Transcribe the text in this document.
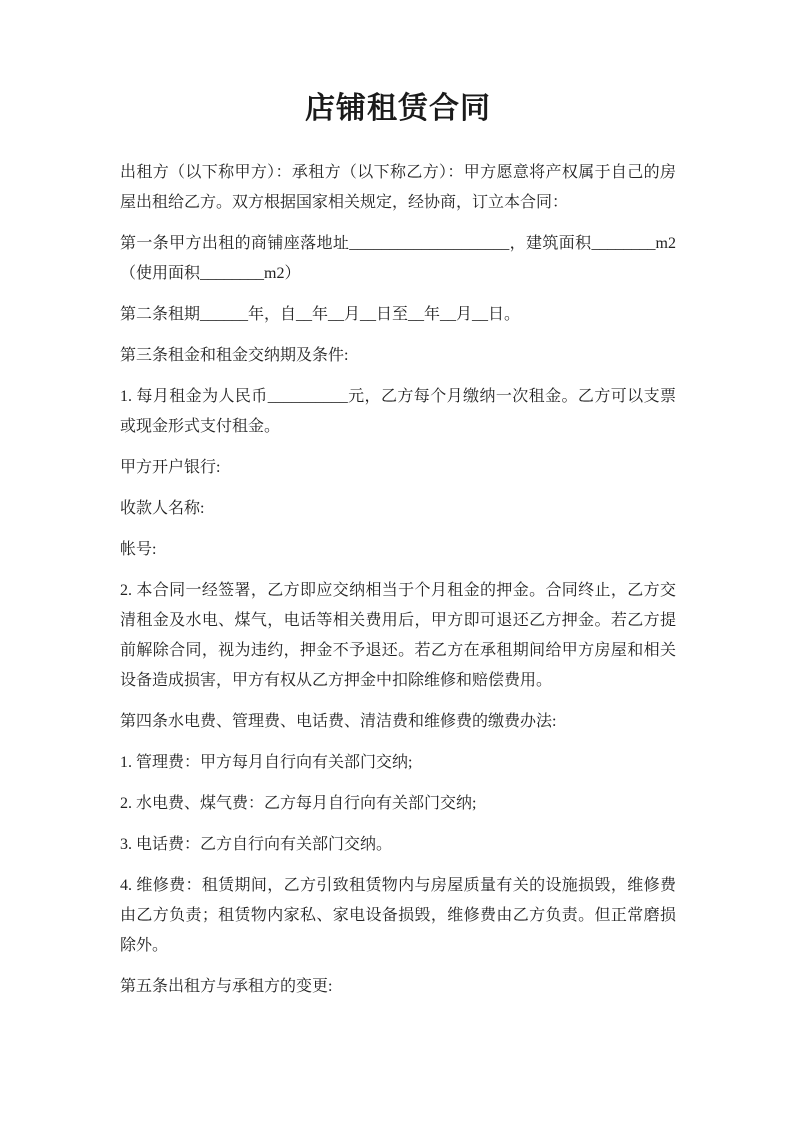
店铺租赁合同

出租方（以下称甲方）：承租方（以下称乙方）：甲方愿意将产权属于自己的房屋出租给乙方。双方根据国家相关规定，经协商，订立本合同：

第一条甲方出租的商铺座落地址____________________，建筑面积________m2（使用面积________m2）

第二条租期______年，自__年__月__日至__年__月__日。

第三条租金和租金交纳期及条件:

1. 每月租金为人民币__________元，乙方每个月缴纳一次租金。乙方可以支票或现金形式支付租金。

甲方开户银行:

收款人名称:

帐号:

2. 本合同一经签署，乙方即应交纳相当于个月租金的押金。合同终止，乙方交清租金及水电、煤气，电话等相关费用后，甲方即可退还乙方押金。若乙方提前解除合同，视为违约，押金不予退还。若乙方在承租期间给甲方房屋和相关设备造成损害，甲方有权从乙方押金中扣除维修和赔偿费用。

第四条水电费、管理费、电话费、清洁费和维修费的缴费办法:

1. 管理费：甲方每月自行向有关部门交纳;

2. 水电费、煤气费：乙方每月自行向有关部门交纳;

3. 电话费：乙方自行向有关部门交纳。

4. 维修费：租赁期间，乙方引致租赁物内与房屋质量有关的设施损毁，维修费由乙方负责；租赁物内家私、家电设备损毁，维修费由乙方负责。但正常磨损除外。

第五条出租方与承租方的变更:
